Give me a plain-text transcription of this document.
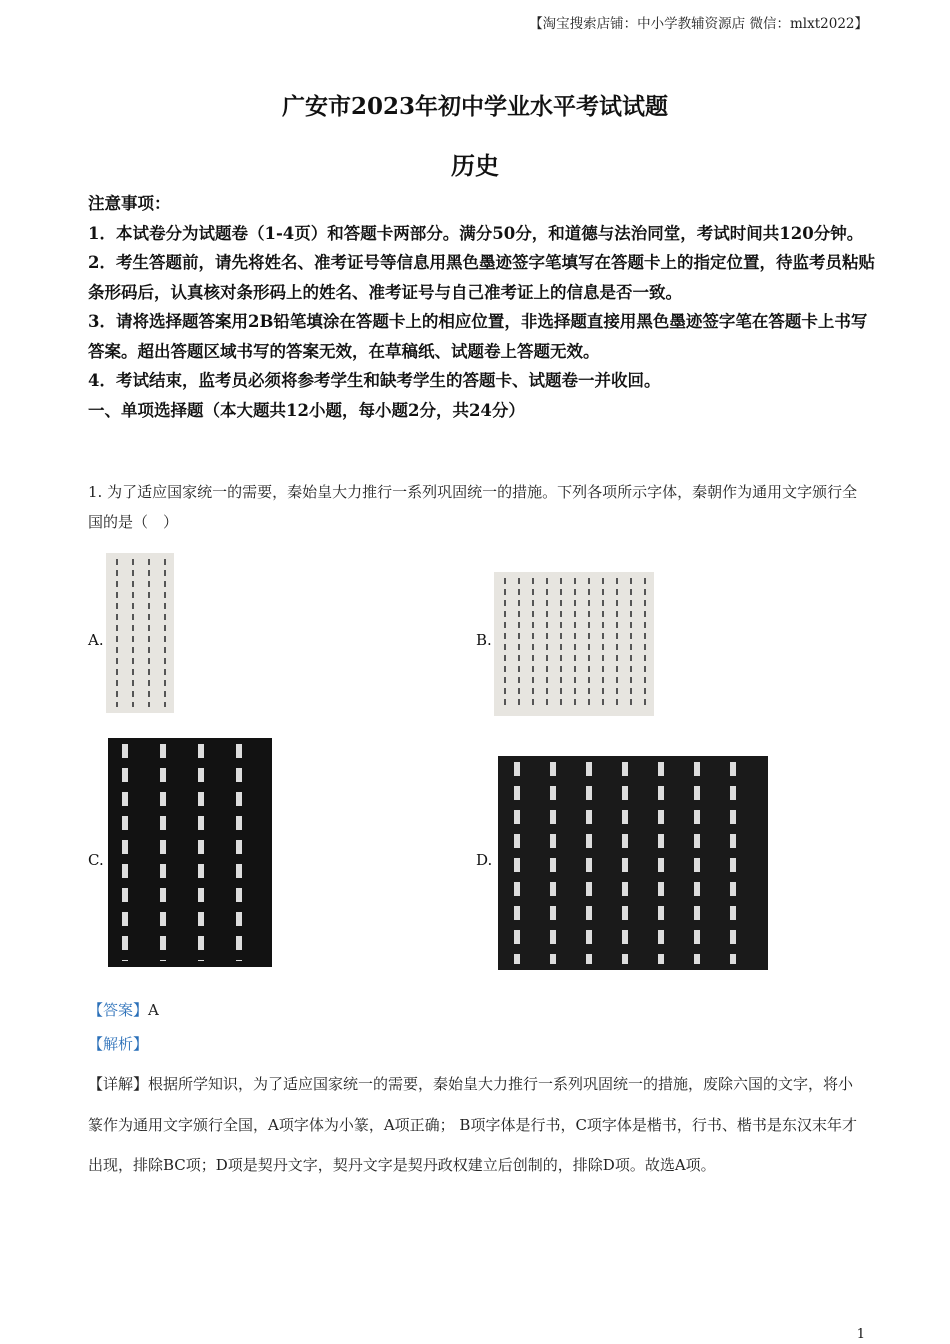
【淘宝搜索店铺：中小学教辅资源店 微信：mlxt2022】
广安市2023年初中学业水平考试试题
历史
注意事项：
1．本试卷分为试题卷（1-4页）和答题卡两部分。满分50分，和道德与法治同堂，考试时间共120分钟。
2．考生答题前，请先将姓名、准考证号等信息用黑色墨迹签字笔填写在答题卡上的指定位置，待监考员粘贴条形码后，认真核对条形码上的姓名、准考证号与自己准考证上的信息是否一致。
3．请将选择题答案用2B铅笔填涂在答题卡上的相应位置，非选择题直接用黑色墨迹签字笔在答题卡上书写答案。超出答题区域书写的答案无效，在草稿纸、试题卷上答题无效。
4．考试结束，监考员必须将参考学生和缺考学生的答题卡、试题卷一并收回。
一、单项选择题（本大题共12小题，每小题2分，共24分）
1. 为了适应国家统一的需要，秦始皇大力推行一系列巩固统一的措施。下列各项所示字体，秦朝作为通用文字颁行全国的是（　）
A.	B.
C.	D.
【答案】A
【解析】
【详解】根据所学知识，为了适应国家统一的需要，秦始皇大力推行一系列巩固统一的措施，废除六国的文字，将小篆作为通用文字颁行全国，A项字体为小篆，A项正确； B项字体是行书，C项字体是楷书，行书、楷书是东汉末年才出现，排除BC项；D项是契丹文字，契丹文字是契丹政权建立后创制的，排除D项。故选A项。
1
